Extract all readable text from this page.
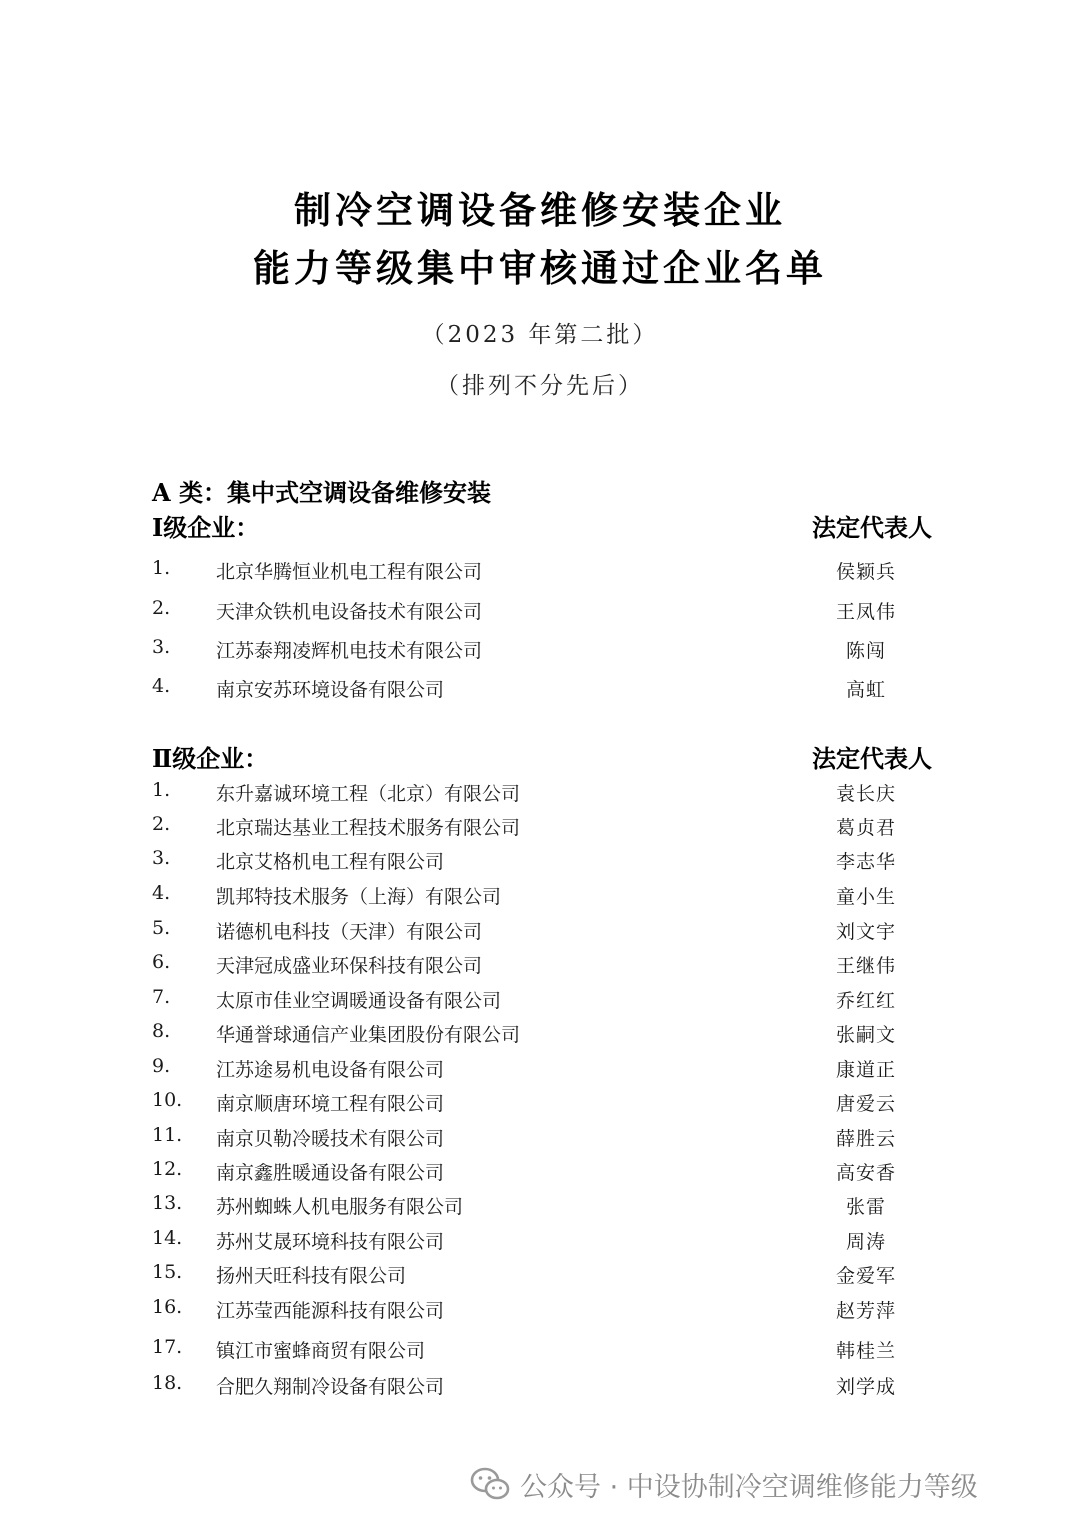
制冷空调设备维修安装企业
能力等级集中审核通过企业名单
（2023 年第二批）
（排列不分先后）
A 类：集中式空调设备维修安装
Ⅰ级企业：	法定代表人
1. 北京华腾恒业机电工程有限公司	侯颖兵
2. 天津众铁机电设备技术有限公司	王凤伟
3. 江苏泰翔凌辉机电技术有限公司	陈闯
4. 南京安苏环境设备有限公司	高虹
Ⅱ级企业：	法定代表人
1. 东升嘉诚环境工程（北京）有限公司	袁长庆
2. 北京瑞达基业工程技术服务有限公司	葛贞君
3. 北京艾格机电工程有限公司	李志华
4. 凯邦特技术服务（上海）有限公司	童小生
5. 诺德机电科技（天津）有限公司	刘文宇
6. 天津冠成盛业环保科技有限公司	王继伟
7. 太原市佳业空调暖通设备有限公司	乔红红
8. 华通誉球通信产业集团股份有限公司	张嗣文
9. 江苏途易机电设备有限公司	康道正
10. 南京顺唐环境工程有限公司	唐爱云
11. 南京贝勒冷暖技术有限公司	薛胜云
12. 南京鑫胜暖通设备有限公司	高安香
13. 苏州蜘蛛人机电服务有限公司	张雷
14. 苏州艾晟环境科技有限公司	周涛
15. 扬州天旺科技有限公司	金爱军
16. 江苏莹西能源科技有限公司	赵芳萍
17. 镇江市蜜蜂商贸有限公司	韩桂兰
18. 合肥久翔制冷设备有限公司	刘学成
公众号 · 中设协制冷空调维修能力等级
